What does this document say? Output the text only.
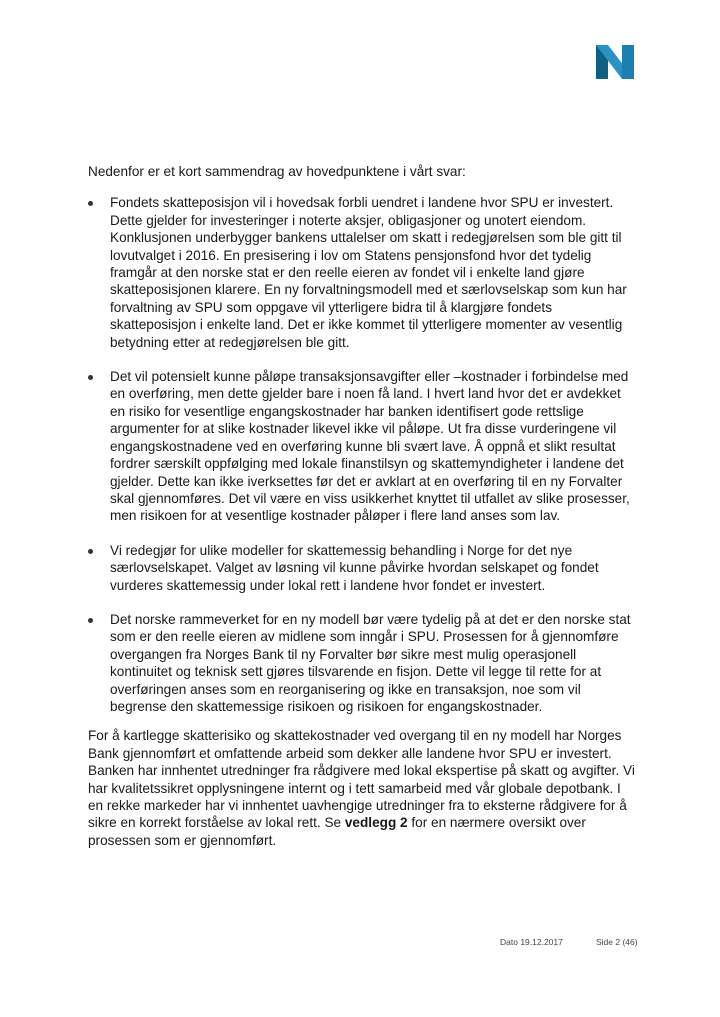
Nedenfor er et kort sammendrag av hovedpunktene i vårt svar:

Fondets skatteposisjon vil i hovedsak forbli uendret i landene hvor SPU er investert. Dette gjelder for investeringer i noterte aksjer, obligasjoner og unotert eiendom. Konklusjonen underbygger bankens uttalelser om skatt i redegjørelsen som ble gitt til lovutvalget i 2016. En presisering i lov om Statens pensjonsfond hvor det tydelig framgår at den norske stat er den reelle eieren av fondet vil i enkelte land gjøre skatteposisjonen klarere. En ny forvaltningsmodell med et særlovselskap som kun har forvaltning av SPU som oppgave vil ytterligere bidra til å klargjøre fondets skatteposisjon i enkelte land. Det er ikke kommet til ytterligere momenter av vesentlig betydning etter at redegjørelsen ble gitt.
Det vil potensielt kunne påløpe transaksjonsavgifter eller –kostnader i forbindelse med en overføring, men dette gjelder bare i noen få land. I hvert land hvor det er avdekket en risiko for vesentlige engangskostnader har banken identifisert gode rettslige argumenter for at slike kostnader likevel ikke vil påløpe. Ut fra disse vurderingene vil engangskostnadene ved en overføring kunne bli svært lave. Å oppnå et slikt resultat fordrer særskilt oppfølging med lokale finanstilsyn og skattemyndigheter i landene det gjelder. Dette kan ikke iverksettes før det er avklart at en overføring til en ny Forvalter skal gjennomføres. Det vil være en viss usikkerhet knyttet til utfallet av slike prosesser, men risikoen for at vesentlige kostnader påløper i flere land anses som lav.
Vi redegjør for ulike modeller for skattemessig behandling i Norge for det nye særlovselskapet. Valget av løsning vil kunne påvirke hvordan selskapet og fondet vurderes skattemessig under lokal rett i landene hvor fondet er investert.
Det norske rammeverket for en ny modell bør være tydelig på at det er den norske stat som er den reelle eieren av midlene som inngår i SPU. Prosessen for å gjennomføre overgangen fra Norges Bank til ny Forvalter bør sikre mest mulig operasjonell kontinuitet og teknisk sett gjøres tilsvarende en fisjon. Dette vil legge til rette for at overføringen anses som en reorganisering og ikke en transaksjon, noe som vil begrense den skattemessige risikoen og risikoen for engangskostnader.

For å kartlegge skatterisiko og skattekostnader ved overgang til en ny modell har Norges Bank gjennomført et omfattende arbeid som dekker alle landene hvor SPU er investert. Banken har innhentet utredninger fra rådgivere med lokal ekspertise på skatt og avgifter. Vi har kvalitetssikret opplysningene internt og i tett samarbeid med vår globale depotbank. I en rekke markeder har vi innhentet uavhengige utredninger fra to eksterne rådgivere for å sikre en korrekt forståelse av lokal rett. Se vedlegg 2 for en nærmere oversikt over prosessen som er gjennomført.

Dato 19.12.2017	Side 2 (46)
